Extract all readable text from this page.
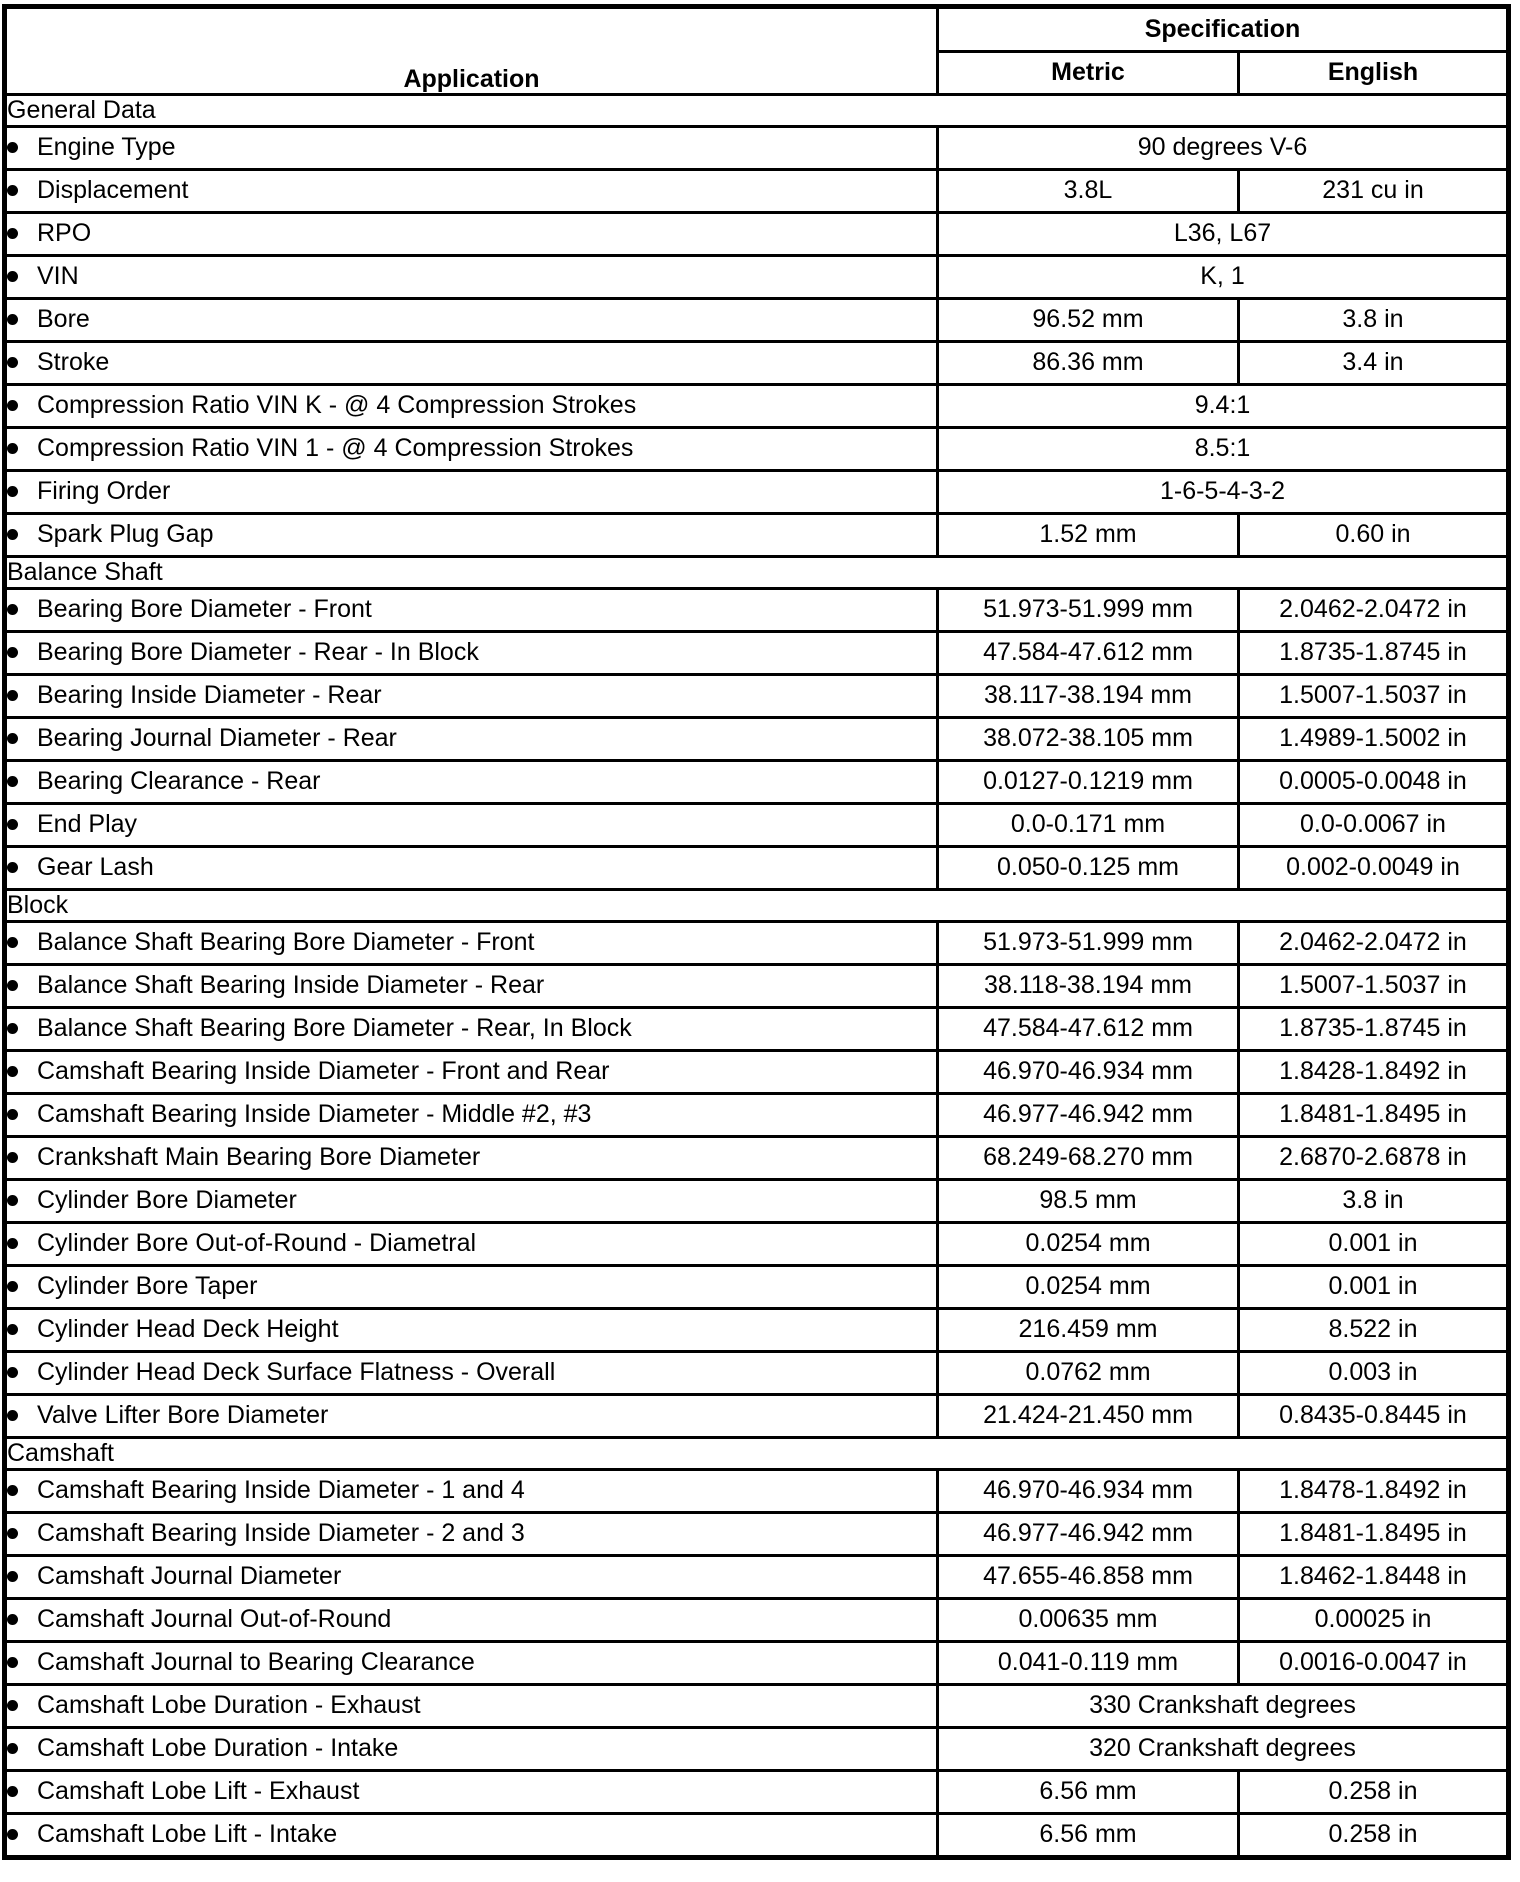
Application	Specification	
	Metric	English
General Data		
Engine Type	90 degrees V-6	
Displacement	3.8L	231 cu in
RPO	L36, L67	
VIN	K, 1	
Bore	96.52 mm	3.8 in
Stroke	86.36 mm	3.4 in
Compression Ratio VIN K - @ 4 Compression Strokes	9.4:1	
Compression Ratio VIN 1 - @ 4 Compression Strokes	8.5:1	
Firing Order	1-6-5-4-3-2	
Spark Plug Gap	1.52 mm	0.60 in
Balance Shaft		
Bearing Bore Diameter - Front	51.973-51.999 mm	2.0462-2.0472 in
Bearing Bore Diameter - Rear - In Block	47.584-47.612 mm	1.8735-1.8745 in
Bearing Inside Diameter - Rear	38.117-38.194 mm	1.5007-1.5037 in
Bearing Journal Diameter - Rear	38.072-38.105 mm	1.4989-1.5002 in
Bearing Clearance - Rear	0.0127-0.1219 mm	0.0005-0.0048 in
End Play	0.0-0.171 mm	0.0-0.0067 in
Gear Lash	0.050-0.125 mm	0.002-0.0049 in
Block		
Balance Shaft Bearing Bore Diameter - Front	51.973-51.999 mm	2.0462-2.0472 in
Balance Shaft Bearing Inside Diameter - Rear	38.118-38.194 mm	1.5007-1.5037 in
Balance Shaft Bearing Bore Diameter - Rear, In Block	47.584-47.612 mm	1.8735-1.8745 in
Camshaft Bearing Inside Diameter - Front and Rear	46.970-46.934 mm	1.8428-1.8492 in
Camshaft Bearing Inside Diameter - Middle #2, #3	46.977-46.942 mm	1.8481-1.8495 in
Crankshaft Main Bearing Bore Diameter	68.249-68.270 mm	2.6870-2.6878 in
Cylinder Bore Diameter	98.5 mm	3.8 in
Cylinder Bore Out-of-Round - Diametral	0.0254 mm	0.001 in
Cylinder Bore Taper	0.0254 mm	0.001 in
Cylinder Head Deck Height	216.459 mm	8.522 in
Cylinder Head Deck Surface Flatness - Overall	0.0762 mm	0.003 in
Valve Lifter Bore Diameter	21.424-21.450 mm	0.8435-0.8445 in
Camshaft		
Camshaft Bearing Inside Diameter - 1 and 4	46.970-46.934 mm	1.8478-1.8492 in
Camshaft Bearing Inside Diameter - 2 and 3	46.977-46.942 mm	1.8481-1.8495 in
Camshaft Journal Diameter	47.655-46.858 mm	1.8462-1.8448 in
Camshaft Journal Out-of-Round	0.00635 mm	0.00025 in
Camshaft Journal to Bearing Clearance	0.041-0.119 mm	0.0016-0.0047 in
Camshaft Lobe Duration - Exhaust	330 Crankshaft degrees	
Camshaft Lobe Duration - Intake	320 Crankshaft degrees	
Camshaft Lobe Lift - Exhaust	6.56 mm	0.258 in
Camshaft Lobe Lift - Intake	6.56 mm	0.258 in
